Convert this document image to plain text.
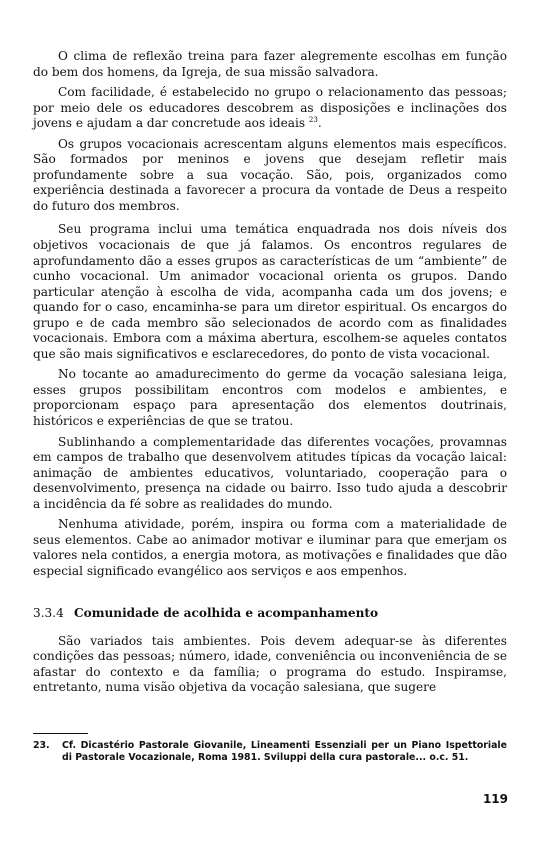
O clima de reflexão treina para fazer alegremente escolhas em função do bem dos homens, da Igreja, de sua missão salvadora.

Com facilidade, é estabelecido no grupo o relacionamento das pessoas; por meio dele os educadores descobrem as disposições e inclinações dos jovens e ajudam a dar concretude aos ideais $^{23}$.

Os grupos vocacionais acrescentam alguns elementos mais específicos. São formados por meninos e jovens que desejam refletir mais profundamente sobre a sua vocação. São, pois, organizados como experiência destinada a favorecer a procura da vontade de Deus a respeito do futuro dos membros.

Seu programa inclui uma temática enquadrada nos dois níveis dos objetivos vocacionais de que já falamos. Os encontros regulares de aprofundamento dão a esses grupos as características de um “ambiente” de cunho vocacional. Um animador vocacional orienta os grupos. Dando particular atenção à escolha de vida, acompanha cada um dos jovens; e quando for o caso, encaminha-se para um diretor espiritual. Os encargos do grupo e de cada membro são selecionados de acordo com as finalidades vocacionais. Embora com a máxima abertura, escolhem-se aqueles contatos que são mais significativos e esclarecedores, do ponto de vista vocacional.

No tocante ao amadurecimento do germe da vocação salesiana leiga, esses grupos possibilitam encontros com modelos e ambientes, e proporcionam espaço para apresentação dos elementos doutrinais, históricos e experiências de que se tratou.

Sublinhando a complementaridade das diferentes vocações, provamnas em campos de trabalho que desenvolvem atitudes típicas da vocação laical: animação de ambientes educativos, voluntariado, cooperação para o desenvolvimento, presença na cidade ou bairro. Isso tudo ajuda a descobrir a incidência da fé sobre as realidades do mundo.

Nenhuma atividade, porém, inspira ou forma com a materialidade de seus elementos. Cabe ao animador motivar e iluminar para que emerjam os valores nela contidos, a energia motora, as motivações e finalidades que dão especial significado evangélico aos serviços e aos empenhos.

3.3.4 Comunidade de acolhida e acompanhamento

São variados tais ambientes. Pois devem adequar-se às diferentes condições das pessoas; número, idade, conveniência ou inconveniência de se afastar do contexto e da família; o programa do estudo. Inspiramse, entretanto, numa visão objetiva da vocação salesiana, que sugere

23.	Cf. Dicastério Pastorale Giovanile, Lineamenti Essenziali per un Piano Ispettoriale di Pastorale Vocazionale, Roma 1981. Sviluppi della cura pastorale... o.c. 51.
119
